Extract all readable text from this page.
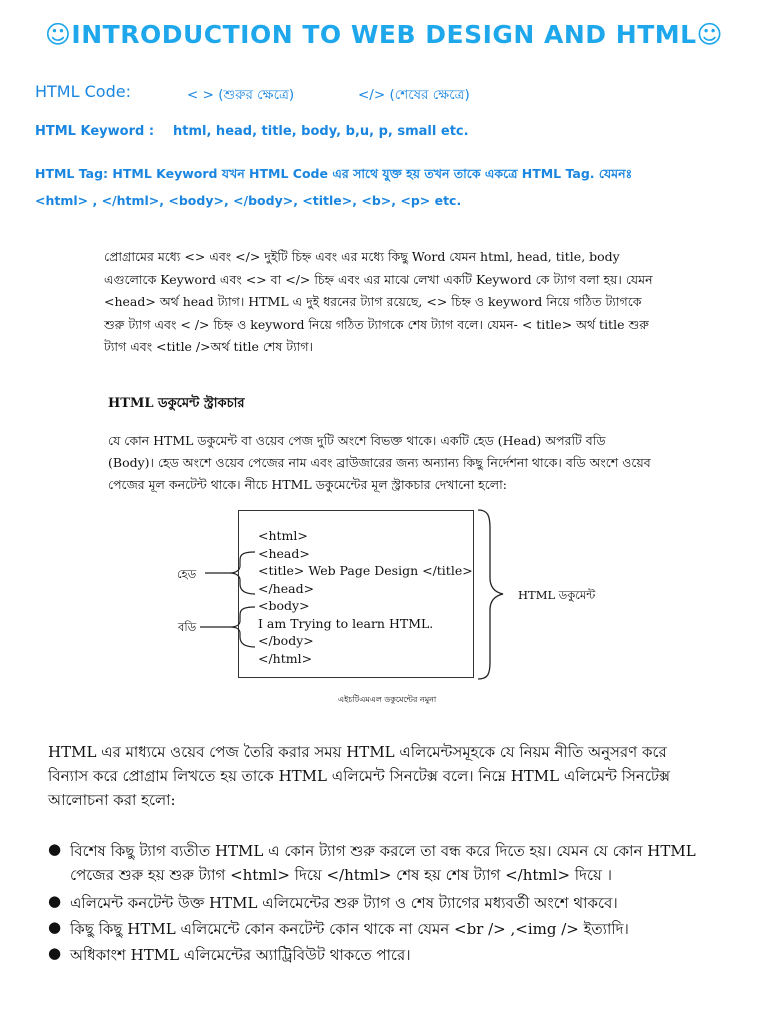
☺INTRODUCTION TO WEB DESIGN AND HTML☺
HTML Code:	< > (শুরুর ক্ষেত্রে)	</> (শেষের ক্ষেত্রে)
HTML Keyword : html, head, title, body, b,u, p, small etc.
HTML Tag: HTML Keyword যখন HTML Code এর সাথে যুক্ত হয় তখন তাকে একত্রে HTML Tag. যেমনঃ
<html> , </html>, <body>, </body>, <title>, <b>, <p> etc.
প্রোগ্রামের মধ্যে <> এবং </> দুইটি চিহ্ন এবং এর মধ্যে কিছু Word যেমন html, head, title, body
এগুলোকে Keyword এবং <> বা </> চিহ্ন এবং এর মাঝে লেখা একটি Keyword কে ট্যাগ বলা হয়। যেমন
<head> অর্থ head ট্যাগ। HTML এ দুই ধরনের ট্যাগ রয়েছে, <> চিহ্ন ও keyword নিয়ে গঠিত ট্যাগকে
শুরু ট্যাগ এবং < /> চিহ্ন ও keyword নিয়ে গঠিত ট্যাগকে শেষ ট্যাগ বলে। যেমন- < title> অর্থ title শুরু
ট্যাগ এবং <title />অর্থ title শেষ ট্যাগ।
HTML ডকুমেন্ট স্ট্রাকচার
যে কোন HTML ডকুমেন্ট বা ওয়েব পেজ দুটি অংশে বিভক্ত থাকে। একটি হেড (Head) অপরটি বডি
(Body)। হেড অংশে ওয়েব পেজের নাম এবং ব্রাউজারের জন্য অন্যান্য কিছু নির্দেশনা থাকে। বডি অংশে ওয়েব
পেজের মূল কনটেন্ট থাকে। নীচে HTML ডকুমেন্টের মূল স্ট্রাকচার দেখানো হলো:
<html>
<head>
<title> Web Page Design </title>
</head>
<body>
I am Trying to learn HTML.
</body>
</html>
হেড
বডি
HTML ডকুমেন্ট
এইচটিএমএল ডকুমেন্টের নমুনা
HTML এর মাধ্যমে ওয়েব পেজ তৈরি করার সময় HTML এলিমেন্টসমূহকে যে নিয়ম নীতি অনুসরণ করে
বিন্যাস করে প্রোগ্রাম লিখতে হয় তাকে HTML এলিমেন্ট সিনটেক্স বলে। নিম্নে HTML এলিমেন্ট সিনটেক্স
আলোচনা করা হলো:
● বিশেষ কিছু ট্যাগ ব্যতীত HTML এ কোন ট্যাগ শুরু করলে তা বন্ধ করে দিতে হয়। যেমন যে কোন HTML
পেজের শুরু হয় শুরু ট্যাগ <html> দিয়ে </html> শেষ হয় শেষ ট্যাগ </html> দিয়ে ।
● এলিমেন্ট কনটেন্ট উক্ত HTML এলিমেন্টের শুরু ট্যাগ ও শেষ ট্যাগের মধ্যবর্তী অংশে থাকবে।
● কিছু কিছু HTML এলিমেন্টে কোন কনটেন্ট কোন থাকে না যেমন <br /> ,<img /> ইত্যাদি।
● অধিকাংশ HTML এলিমেন্টের অ্যাট্রিবিউট থাকতে পারে।
